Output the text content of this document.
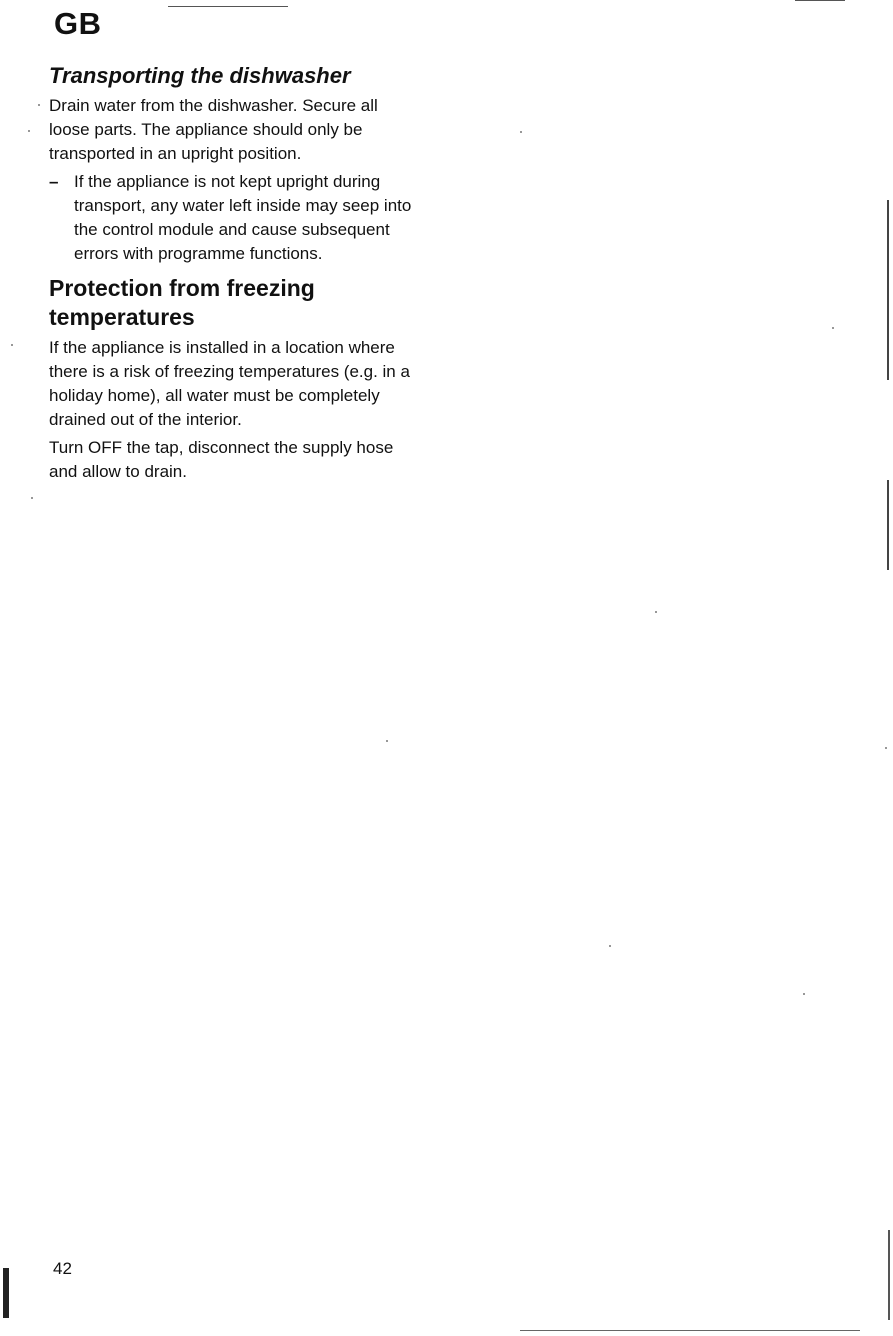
GB
Transporting the dishwasher

Drain water from the dishwasher. Secure all loose parts. The appliance should only be transported in an upright position.

– If the appliance is not kept upright during transport, any water left inside may seep into the control module and cause subsequent errors with programme functions.
Protection from freezing
temperatures

If the appliance is installed in a location where there is a risk of freezing temperatures (e.g. in a holiday home), all water must be completely drained out of the interior.

Turn OFF the tap, disconnect the supply hose and allow to drain.

42
